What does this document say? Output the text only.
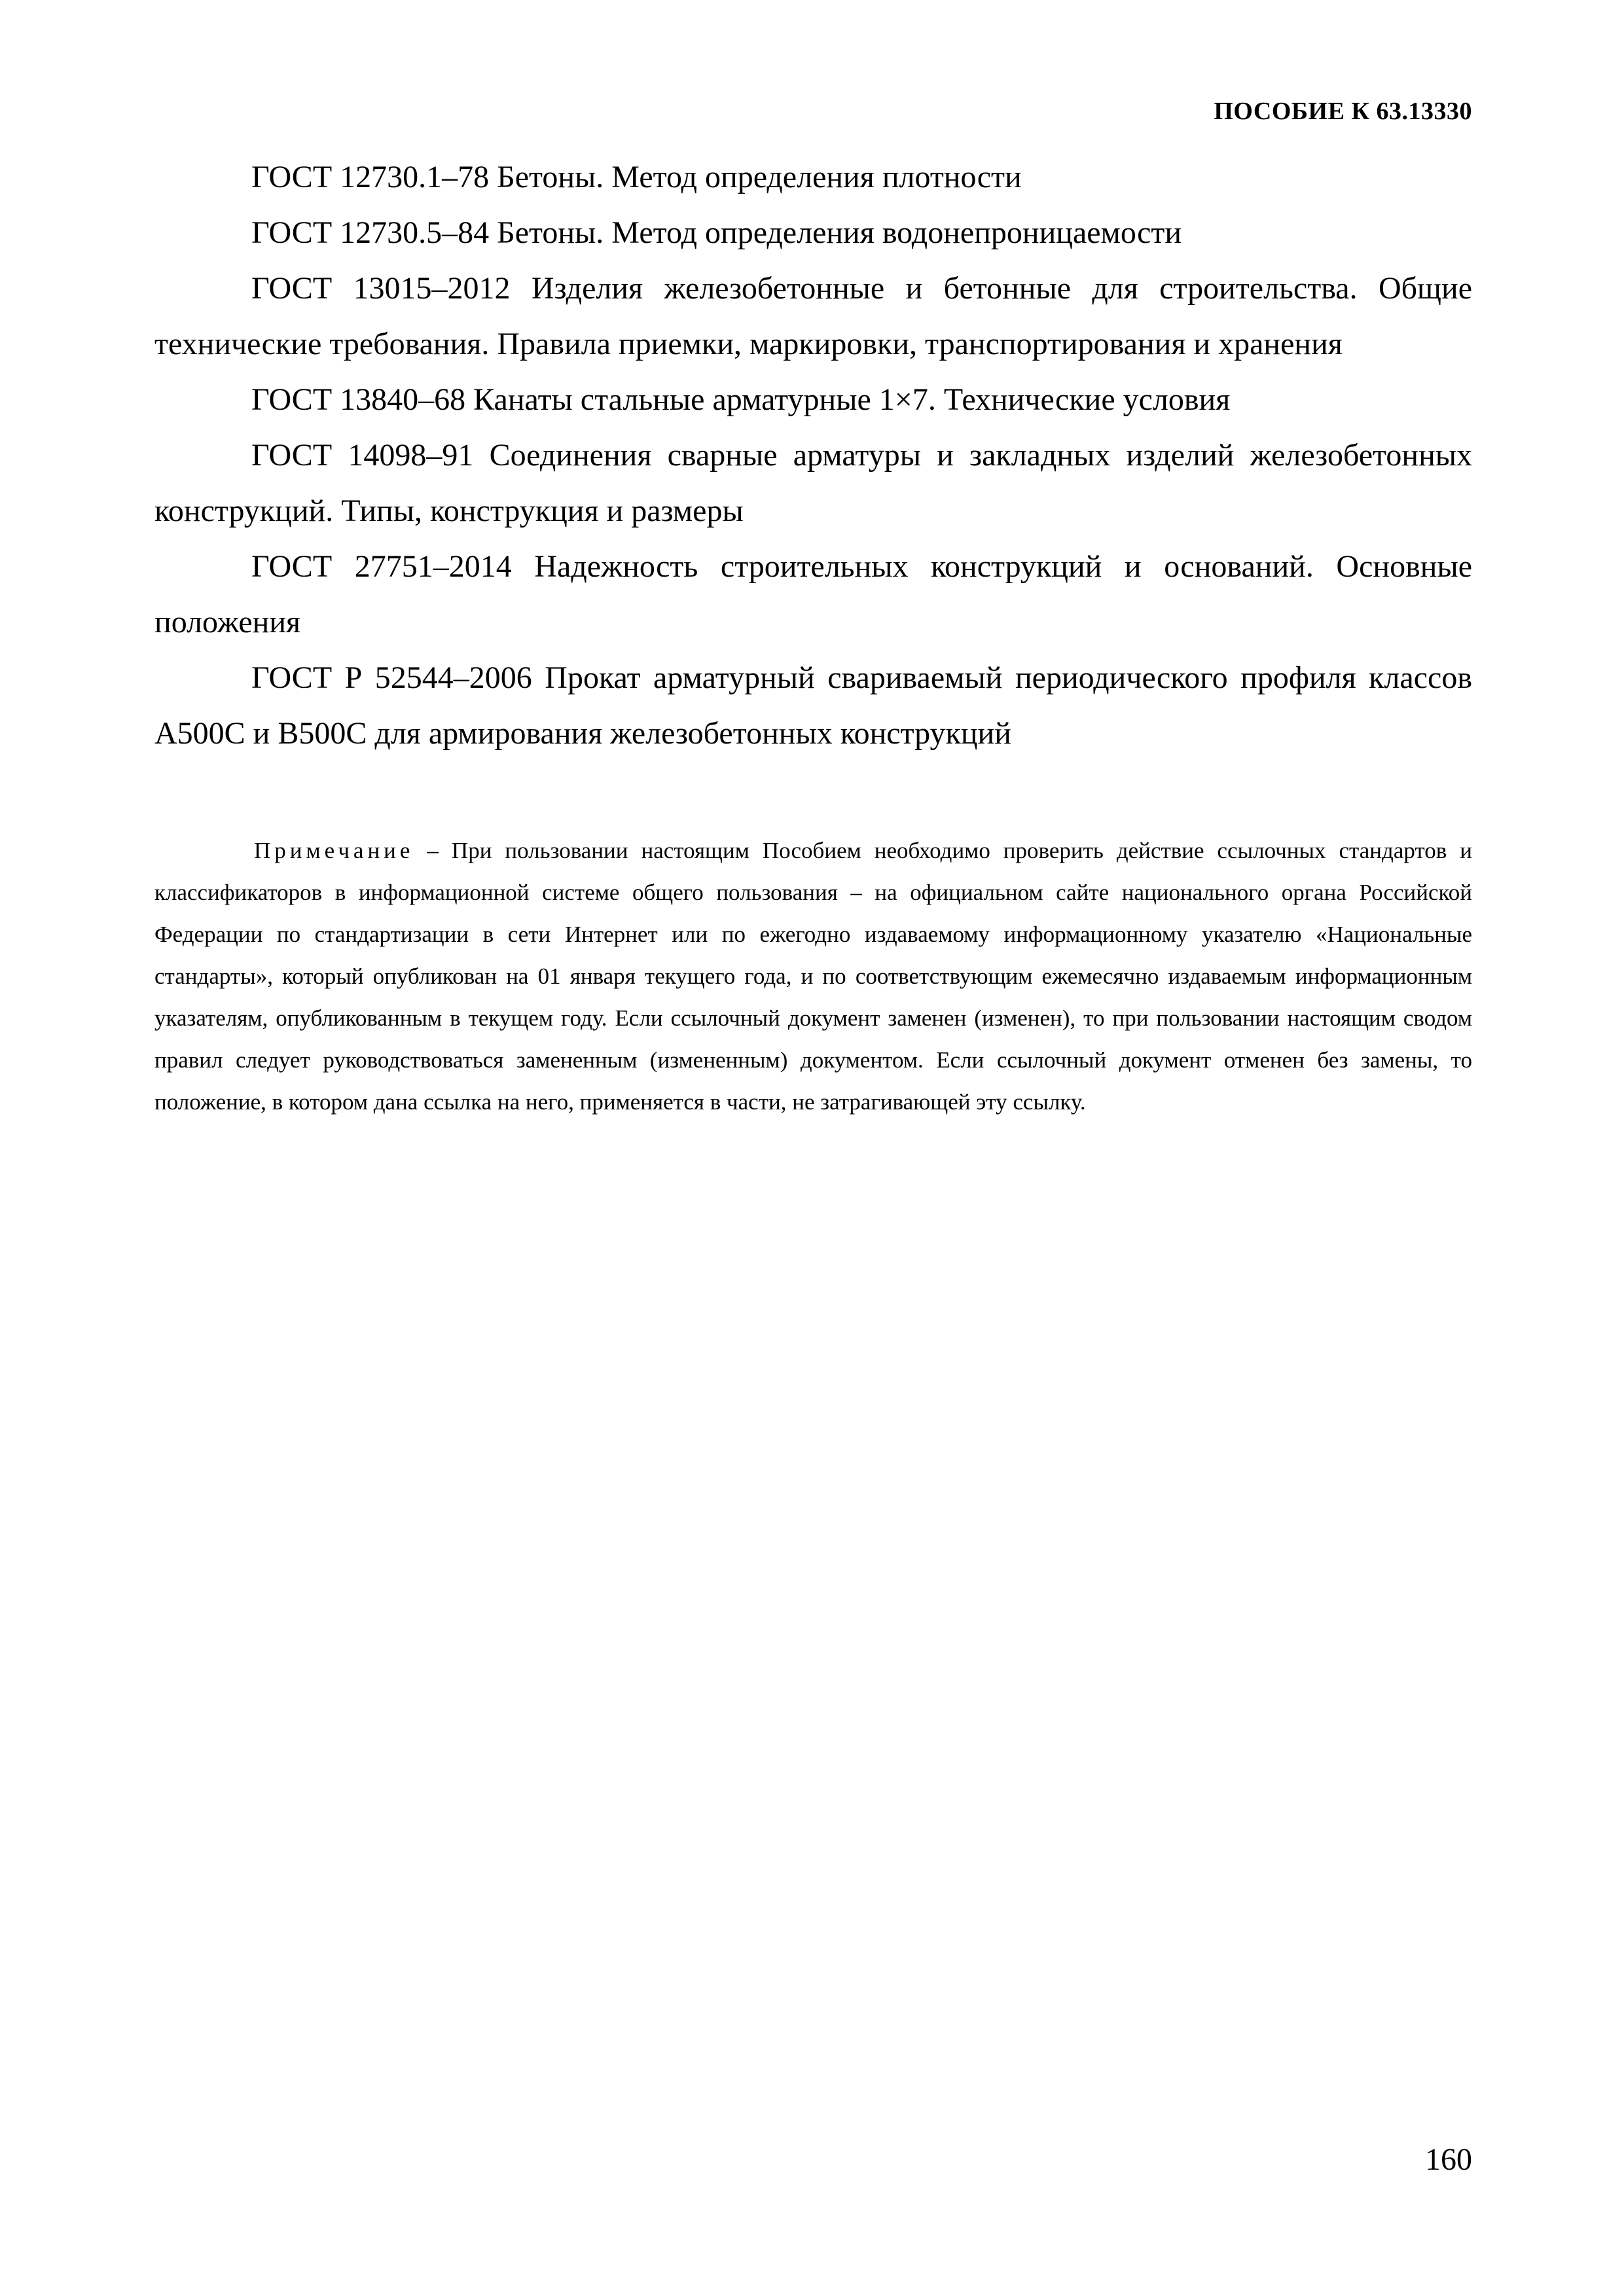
ПОСОБИЕ К 63.13330

ГОСТ 12730.1–78 Бетоны. Метод определения плотности

ГОСТ 12730.5–84 Бетоны. Метод определения водонепроницаемости

ГОСТ 13015–2012 Изделия железобетонные и бетонные для строительства. Общие технические требования. Правила приемки, маркировки, транспортирования и хранения

ГОСТ 13840–68 Канаты стальные арматурные 1×7. Технические условия

ГОСТ 14098–91 Соединения сварные арматуры и закладных изделий железобетонных конструкций. Типы, конструкция и размеры

ГОСТ 27751–2014 Надежность строительных конструкций и оснований. Основные положения

ГОСТ Р 52544–2006 Прокат арматурный свариваемый периодического профиля классов А500С и В500С для армирования железобетонных конструкций

Примечание – При пользовании настоящим Пособием необходимо проверить действие ссылочных стандартов и классификаторов в информационной системе общего пользования – на официальном сайте национального органа Российской Федерации по стандартизации в сети Интернет или по ежегодно издаваемому информационному указателю «Национальные стандарты», который опубликован на 01 января текущего года, и по соответствующим ежемесячно издаваемым информационным указателям, опубликованным в текущем году. Если ссылочный документ заменен (изменен), то при пользовании настоящим сводом правил следует руководствоваться замененным (измененным) документом. Если ссылочный документ отменен без замены, то положение, в котором дана ссылка на него, применяется в части, не затрагивающей эту ссылку.

160
